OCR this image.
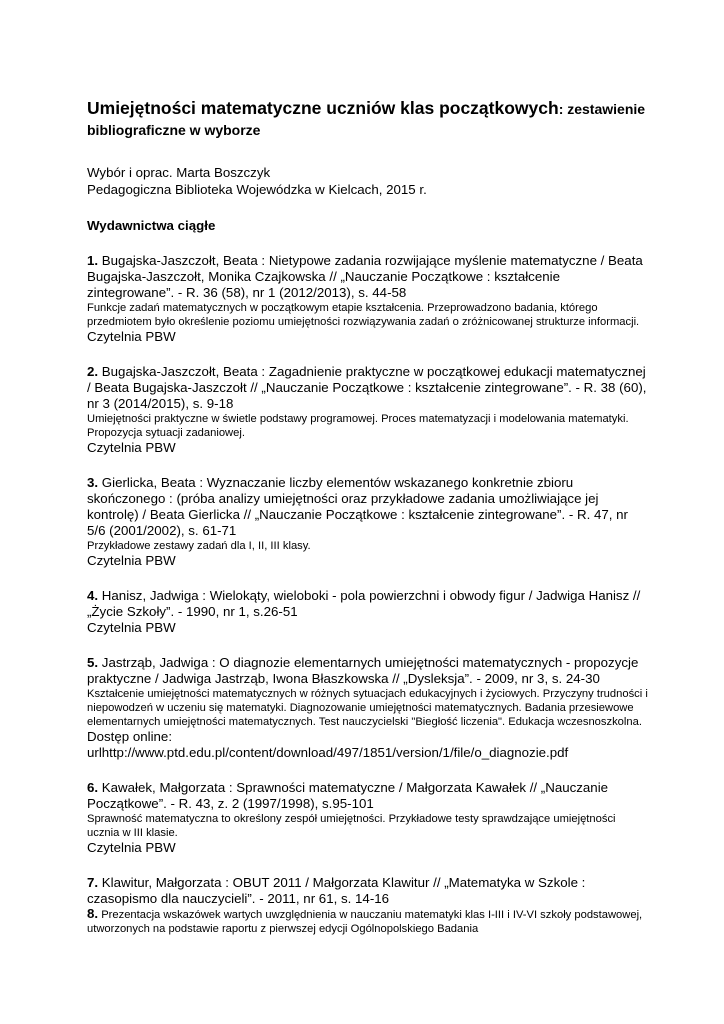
Umiejętności matematyczne uczniów klas początkowych: zestawienie bibliograficzne w wyborze
Wybór i oprac. Marta Boszczyk
Pedagogiczna Biblioteka Wojewódzka w Kielcach, 2015 r.
Wydawnictwa ciągłe
1. Bugajska-Jaszczołt, Beata : Nietypowe zadania rozwijające myślenie matematyczne / Beata Bugajska-Jaszczołt, Monika Czajkowska // „Nauczanie Początkowe : kształcenie zintegrowane”. - R. 36 (58), nr 1 (2012/2013), s. 44-58
Funkcje zadań matematycznych w początkowym etapie kształcenia. Przeprowadzono badania, którego przedmiotem było określenie poziomu umiejętności rozwiązywania zadań o zróżnicowanej strukturze informacji.
Czytelnia PBW
2. Bugajska-Jaszczołt, Beata : Zagadnienie praktyczne w początkowej edukacji matematycznej / Beata Bugajska-Jaszczołt // „Nauczanie Początkowe : kształcenie zintegrowane”. - R. 38 (60), nr 3 (2014/2015), s. 9-18
Umiejętności praktyczne w świetle podstawy programowej. Proces matematyzacji i modelowania matematyki. Propozycja sytuacji zadaniowej.
Czytelnia PBW
3. Gierlicka, Beata : Wyznaczanie liczby elementów wskazanego konkretnie zbioru skończonego : (próba analizy umiejętności oraz przykładowe zadania umożliwiające jej kontrolę) / Beata Gierlicka // „Nauczanie Początkowe : kształcenie zintegrowane”. - R. 47, nr 5/6 (2001/2002), s. 61-71
Przykładowe zestawy zadań dla I, II, III klasy.
Czytelnia PBW
4. Hanisz, Jadwiga : Wielokąty, wieloboki - pola powierzchni i obwody figur / Jadwiga Hanisz // „Życie Szkoły”. - 1990, nr 1, s.26-51
Czytelnia PBW
5. Jastrząb, Jadwiga : O diagnozie elementarnych umiejętności matematycznych - propozycje praktyczne / Jadwiga Jastrząb, Iwona Błaszkowska // „Dysleksja”. - 2009, nr 3, s. 24-30
Kształcenie umiejętności matematycznych w różnych sytuacjach edukacyjnych i życiowych. Przyczyny trudności i niepowodzeń w uczeniu się matematyki. Diagnozowanie umiejętności matematycznych. Badania przesiewowe elementarnych umiejętności matematycznych. Test nauczycielski "Biegłość liczenia". Edukacja wczesnoszkolna.
Dostęp online:
urlhttp://www.ptd.edu.pl/content/download/497/1851/version/1/file/o_diagnozie.pdf
6. Kawałek, Małgorzata : Sprawności matematyczne / Małgorzata Kawałek // „Nauczanie Początkowe”. - R. 43, z. 2 (1997/1998), s.95-101
Sprawność matematyczna to określony zespół umiejętności. Przykładowe testy sprawdzające umiejętności ucznia w III klasie.
Czytelnia PBW
7. Klawitur, Małgorzata : OBUT 2011 / Małgorzata Klawitur // „Matematyka w Szkole : czasopismo dla nauczycieli”. - 2011, nr 61, s. 14-16
8. Prezentacja wskazówek wartych uwzględnienia w nauczaniu matematyki klas I-III i IV-VI szkoły podstawowej, utworzonych na podstawie raportu z pierwszej edycji Ogólnopolskiego Badania
